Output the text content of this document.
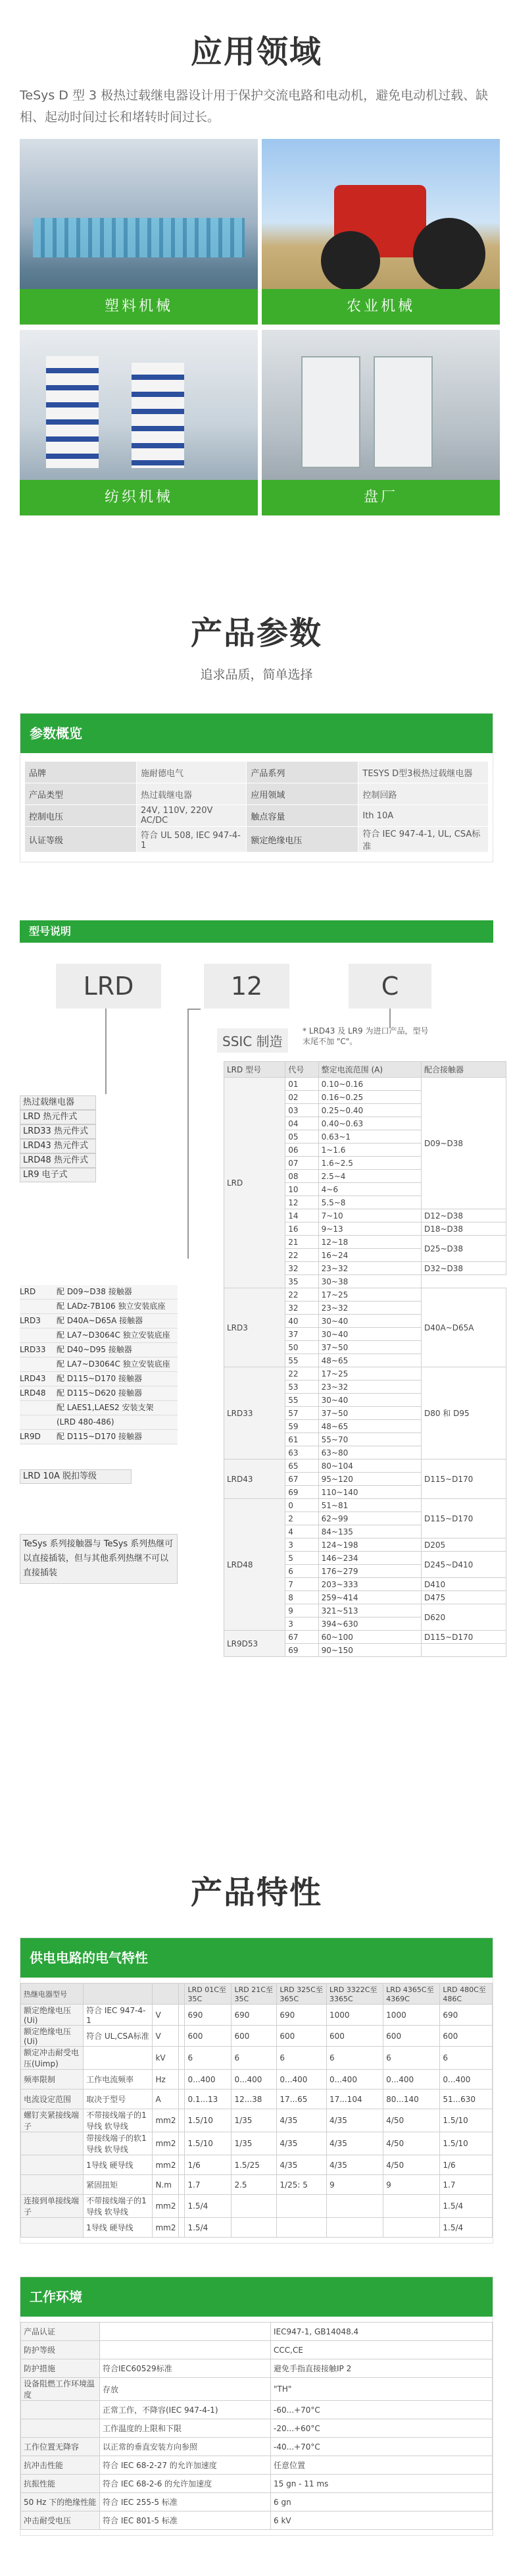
应用领域
TeSys D 型 3 极热过载继电器设计用于保护交流电路和电动机，避免电动机过载、缺相、起动时间过长和堵转时间过长。
塑料机械	农业机械
纺织机械	盘厂
产品参数
追求品质，简单选择
参数概览
品牌	施耐德电气	产品系列	TESYS D型3极热过载继电器
产品类型	热过载继电器	应用领域	控制回路
控制电压	24V, 110V, 220V AC/DC	触点容量	Ith 10A
认证等级	符合 UL 508, IEC 947-4-1	额定绝缘电压	符合 IEC 947-4-1, UL, CSA标准
型号说明
LRD	12	C
SSIC 制造
* LRD43 及 LR9 为进口产品，型号末尾不加 "C"。
热过载继电器
LRD 热元件式
LRD33 热元件式
LRD43 热元件式
LRD48 热元件式
LR9 电子式
LRD	配 D09~D38 接触器
配 LADz-7B106 独立安装底座
LRD3	配 D40A~D65A 接触器
配 LA7~D3064C 独立安装底座
LRD33	配 D40~D95 接触器
配 LA7~D3064C 独立安装底座
LRD43	配 D115~D170 接触器
LRD48	配 D115~D620 接触器
配 LAES1,LAES2 安装支架
(LRD 480-486)
LR9D	配 D115~D170 接触器
LRD 10A 脱扣等级
TeSys 系列接触器与 TeSys 系列热继可以直接插装，但与其他系列热继不可以直接插装
LRD 型号	代号	整定电流范围 (A)	配合接触器
LRD	01	0.10~0.16	D09~D38
	02	0.16~0.25	
	03	0.25~0.40	
	04	0.40~0.63	
	05	0.63~1	
	06	1~1.6	
	07	1.6~2.5	
	08	2.5~4	
	10	4~6	
	12	5.5~8	
	14	7~10	D12~D38
	16	9~13	D18~D38
	21	12~18	D25~D38
	22	16~24	
	32	23~32	D32~D38
	35	30~38	
LRD3	22	17~25	D40A~D65A
	32	23~32	
	40	30~40	
	37	30~40	
	50	37~50	
	55	48~65	
LRD33	22	17~25	D80 和 D95
	53	23~32	
	55	30~40	
	57	37~50	
	59	48~65	
	61	55~70	
	63	63~80	
LRD43	65	80~104	D115~D170
	67	95~120	
	69	110~140	
LRD48	0	51~81	D115~D170
	2	62~99	
	4	84~135	
	3	124~198	D205
	5	146~234	D245~D410
	6	176~279	
	7	203~333	D410
	8	259~414	D475
	9	321~513	D620
	3	394~630	
LR9D53	67	60~100	D115~D170
	69	90~150	
产品特性
供电电路的电气特性
热继电器型号				LRD 01C至35C	LRD 21C至35C	LRD 325C至365C	LRD 3322C至3365C	LRD 4365C至4369C	LRD 480C至486C
额定绝缘电压(Ui)	符合 IEC 947-4-1	V		690	690	690	1000	1000	690
额定绝缘电压(Ui)	符合 UL,CSA标准	V		600	600	600	600	600	600
额定冲击耐受电压(Uimp)		kV		6	6	6	6	6	6
频率限制	工作电流频率	Hz		0...400	0...400	0...400	0...400	0...400	0...400
电流设定范围	取决于型号	A		0.1...13	12...38	17...65	17...104	80...140	51...630
螺钉夹紧接线端子	不带接线端子的1导线 软导线	mm2		1.5/10	1/35	4/35	4/35	4/50	1.5/10
	带接线端子的软1导线 软导线	mm2		1.5/10	1/35	4/35	4/35	4/50	1.5/10
	1导线 硬导线	mm2		1/6	1.5/25	4/35	4/35	4/50	1/6
	紧固扭矩	N.m		1.7	2.5	1/25: 5	9	9	1.7
连接到单接线端子	不带接线端子的1导线 软导线	mm2		1.5/4					1.5/4
	1导线 硬导线	mm2		1.5/4					1.5/4
工作环境
产品认证		IEC947-1, GB14048.4
防护等级		CCC,CE
防护措施	符合IEC60529标准	避免手指直接接触IP 2
设备阻燃工作环境温度	存放	"TH"
	正常工作，不降容(IEC 947-4-1)	-60...+70°C
	工作温度的上限和下限	-20...+60°C
工作位置无降容	以正常的垂直安装方向参照	-40...+70°C
抗冲击性能	符合 IEC 68-2-27 的允许加速度	任意位置
抗振性能	符合 IEC 68-2-6 的允许加速度	15 gn - 11 ms
50 Hz 下的绝缘性能	符合 IEC 255-5 标准	6 gn
冲击耐受电压	符合 IEC 801-5 标准	6 kV
